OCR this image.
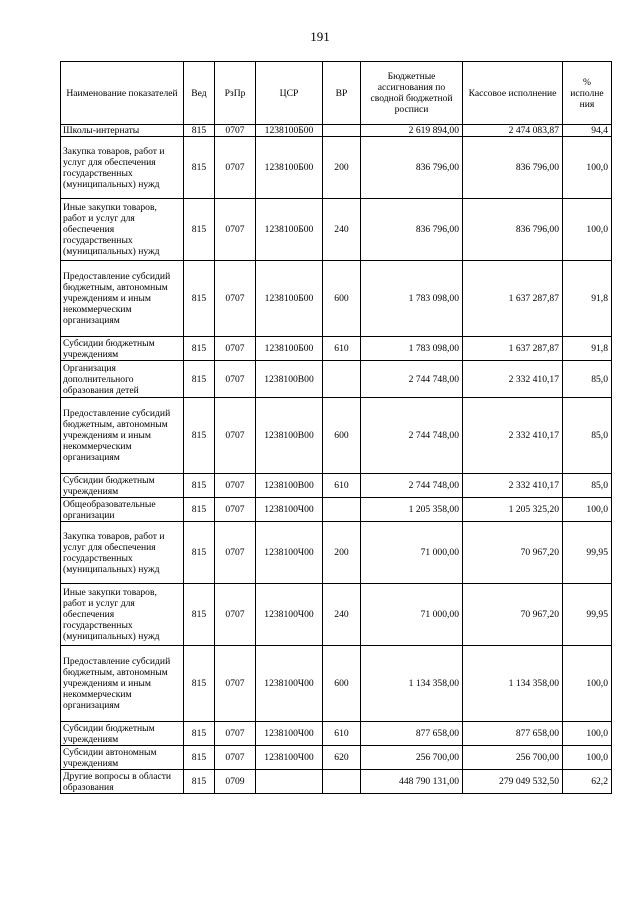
191
Наименование показателей	Вед	РзПр	ЦСР	ВР	Бюджетные ассигнования по сводной бюджетной росписи	Кассовое исполнение	% исполне ния
Школы-интернаты	815	0707	1238100Б00		2 619 894,00	2 474 083,87	94,4
Закупка товаров, работ и услуг для обеспечения государственных (муниципальных) нужд	815	0707	1238100Б00	200	836 796,00	836 796,00	100,0
Иные закупки товаров, работ и услуг для обеспечения государственных (муниципальных) нужд	815	0707	1238100Б00	240	836 796,00	836 796,00	100,0
Предоставление субсидий бюджетным, автономным учреждениям и иным некоммерческим организациям	815	0707	1238100Б00	600	1 783 098,00	1 637 287,87	91,8
Субсидии бюджетным учреждениям	815	0707	1238100Б00	610	1 783 098,00	1 637 287,87	91,8
Организация дополнительного образования детей	815	0707	1238100В00		2 744 748,00	2 332 410,17	85,0
Предоставление субсидий бюджетным, автономным учреждениям и иным некоммерческим организациям	815	0707	1238100В00	600	2 744 748,00	2 332 410,17	85,0
Субсидии бюджетным учреждениям	815	0707	1238100В00	610	2 744 748,00	2 332 410,17	85,0
Общеобразовательные организации	815	0707	1238100Ч00		1 205 358,00	1 205 325,20	100,0
Закупка товаров, работ и услуг для обеспечения государственных (муниципальных) нужд	815	0707	1238100Ч00	200	71 000,00	70 967,20	99,95
Иные закупки товаров, работ и услуг для обеспечения государственных (муниципальных) нужд	815	0707	1238100Ч00	240	71 000,00	70 967,20	99,95
Предоставление субсидий бюджетным, автономным учреждениям и иным некоммерческим организациям	815	0707	1238100Ч00	600	1 134 358,00	1 134 358,00	100,0
Субсидии бюджетным учреждениям	815	0707	1238100Ч00	610	877 658,00	877 658,00	100,0
Субсидии автономным учреждениям	815	0707	1238100Ч00	620	256 700,00	256 700,00	100,0
Другие вопросы в области образования	815	0709			448 790 131,00	279 049 532,50	62,2
